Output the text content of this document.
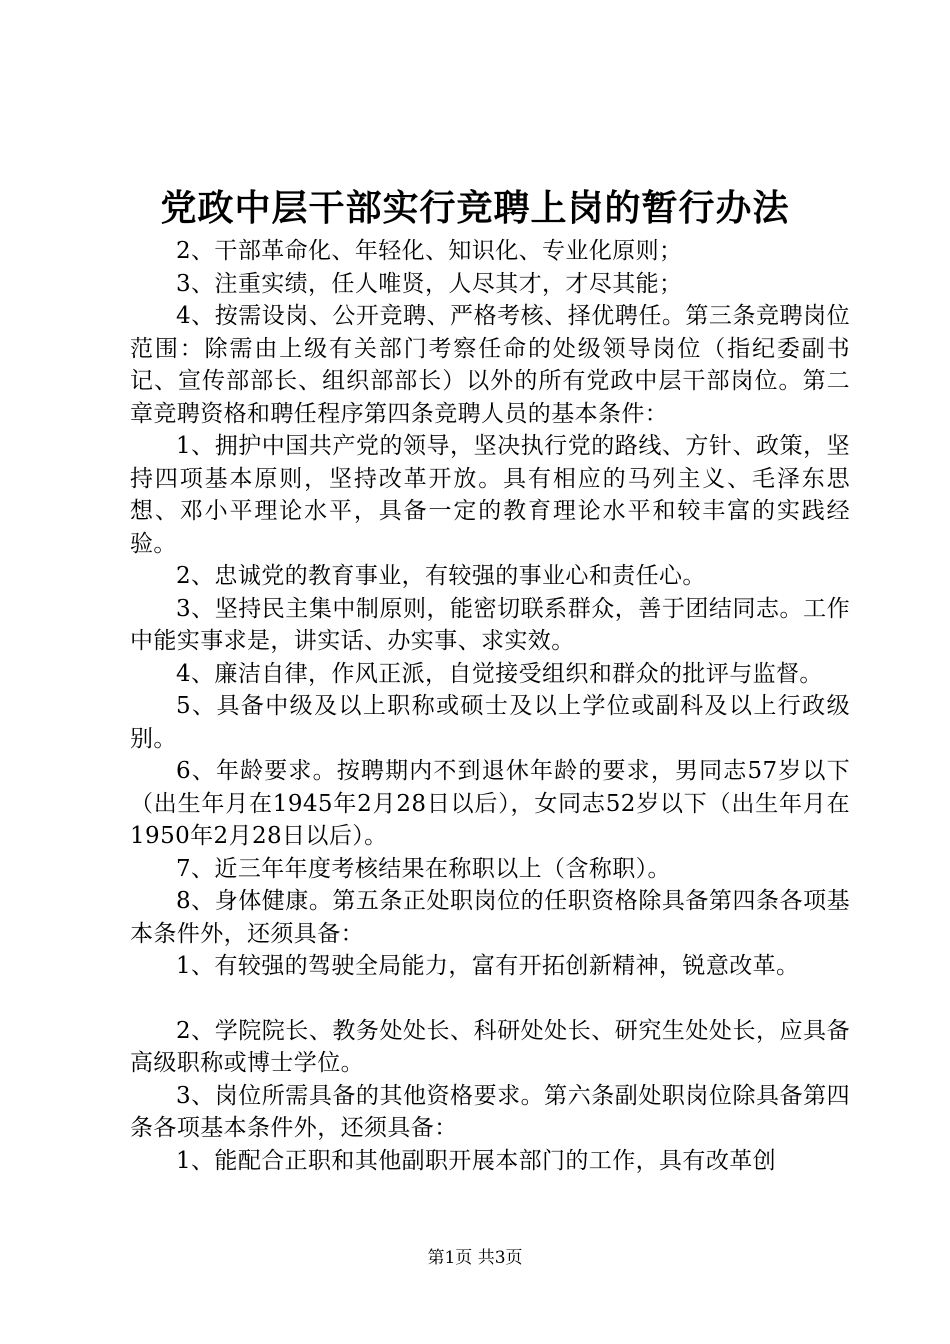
党政中层干部实行竞聘上岗的暂行办法

2、干部革命化、年轻化、知识化、专业化原则；

3、注重实绩，任人唯贤，人尽其才，才尽其能；

4、按需设岗、公开竞聘、严格考核、择优聘任。第三条竞聘岗位范围：除需由上级有关部门考察任命的处级领导岗位（指纪委副书记、宣传部部长、组织部部长）以外的所有党政中层干部岗位。第二章竞聘资格和聘任程序第四条竞聘人员的基本条件：

1、拥护中国共产党的领导，坚决执行党的路线、方针、政策，坚持四项基本原则，坚持改革开放。具有相应的马列主义、毛泽东思想、邓小平理论水平，具备一定的教育理论水平和较丰富的实践经验。

2、忠诚党的教育事业，有较强的事业心和责任心。

3、坚持民主集中制原则，能密切联系群众，善于团结同志。工作中能实事求是，讲实话、办实事、求实效。

4、廉洁自律，作风正派，自觉接受组织和群众的批评与监督。

5、具备中级及以上职称或硕士及以上学位或副科及以上行政级别。

6、年龄要求。按聘期内不到退休年龄的要求，男同志57岁以下（出生年月在1945年2月28日以后），女同志52岁以下（出生年月在1950年2月28日以后）。

7、近三年年度考核结果在称职以上（含称职）。

8、身体健康。第五条正处职岗位的任职资格除具备第四条各项基本条件外，还须具备：

1、有较强的驾驶全局能力，富有开拓创新精神，锐意改革。

2、学院院长、教务处处长、科研处处长、研究生处处长，应具备高级职称或博士学位。

3、岗位所需具备的其他资格要求。第六条副处职岗位除具备第四条各项基本条件外，还须具备：

1、能配合正职和其他副职开展本部门的工作，具有改革创

第1页 共3页
